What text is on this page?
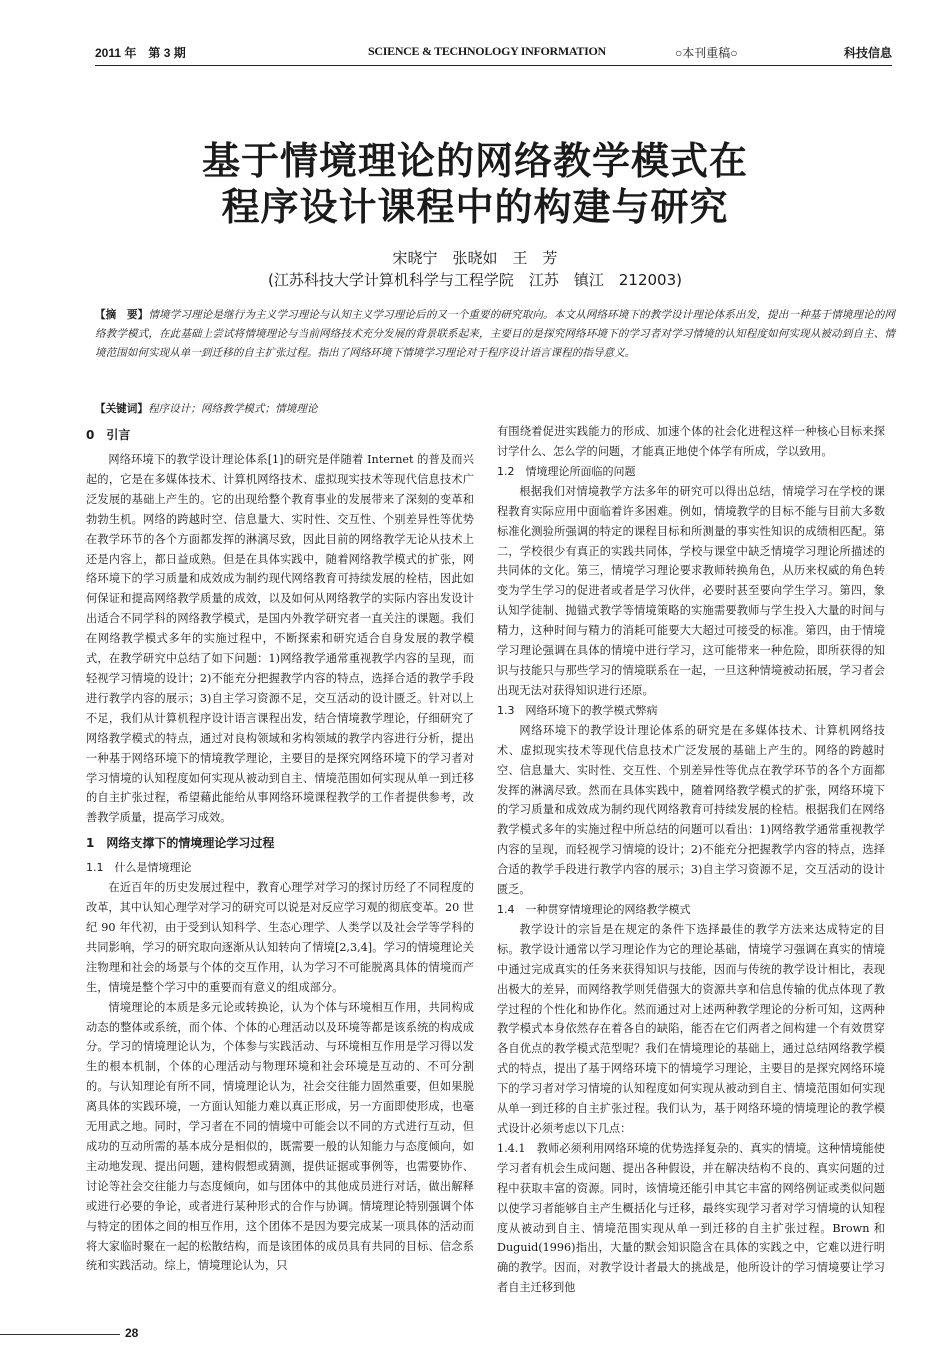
2011 年　第 3 期	SCIENCE & TECHNOLOGY INFORMATION	○本刊重稿○	科技信息
基于情境理论的网络教学模式在
程序设计课程中的构建与研究
宋晓宁　张晓如　王　芳
(江苏科技大学计算机科学与工程学院　江苏　镇江　212003)
【摘　要】情境学习理论是继行为主义学习理论与认知主义学习理论后的又一个重要的研究取向。本文从网络环境下的教学设计理论体系出发，提出一种基于情境理论的网络教学模式，在此基础上尝试将情境理论与当前网络技术充分发展的背景联系起来，主要目的是探究网络环境下的学习者对学习情境的认知程度如何实现从被动到自主、情境范围如何实现从单一到迁移的自主扩张过程。指出了网络环境下情境学习理论对于程序设计语言课程的指导意义。
【关键词】程序设计；网络教学模式；情境理论
0　引言

网络环境下的教学设计理论体系[1]的研究是伴随着 Internet 的普及而兴起的，它是在多媒体技术、计算机网络技术、虚拟现实技术等现代信息技术广泛发展的基础上产生的。它的出现给整个教育事业的发展带来了深刻的变革和勃勃生机。网络的跨越时空、信息量大、实时性、交互性、个别差异性等优势在教学环节的各个方面都发挥的淋漓尽致，因此目前的网络教学无论从技术上还是内容上，都日益成熟。但是在具体实践中，随着网络教学模式的扩张，网络环境下的学习质量和成效成为制约现代网络教育可持续发展的栓桔，因此如何保证和提高网络教学质量的成效，以及如何从网络教学的实际内容出发设计出适合不同学科的网络教学模式，是国内外教学研究者一直关注的课题。我们在网络教学模式多年的实施过程中，不断探索和研究适合自身发展的教学模式，在教学研究中总结了如下问题：1)网络教学通常重视教学内容的呈现，而轻视学习情境的设计；2)不能充分把握教学内容的特点，选择合适的教学手段进行教学内容的展示；3)自主学习资源不足，交互活动的设计匮乏。针对以上不足，我们从计算机程序设计语言课程出发，结合情境教学理论，仔细研究了网络教学模式的特点，通过对良构领域和劣构领域的教学内容进行分析，提出一种基于网络环境下的情境教学理论，主要目的是探究网络环境下的学习者对学习情境的认知程度如何实现从被动到自主、情境范围如何实现从单一到迁移的自主扩张过程，希望藉此能给从事网络环境课程教学的工作者提供参考，改善教学质量，提高学习成效。

1　网络支撑下的情境理论学习过程
1.1　什么是情境理论

在近百年的历史发展过程中，教育心理学对学习的探讨历经了不同程度的改革，其中认知心理学对学习的研究可以说是对反应学习观的彻底变革。20 世纪 90 年代初，由于受到认知科学、生态心理学、人类学以及社会学等学科的共同影响，学习的研究取向逐渐从认知转向了情境[2,3,4]。学习的情境理论关注物理和社会的场景与个体的交互作用，认为学习不可能脱离具体的情境而产生，情境是整个学习中的重要而有意义的组成部分。

情境理论的本质是多元论或转换论，认为个体与环境相互作用，共同构成动态的整体或系统，而个体、个体的心理活动以及环境等都是该系统的构成成分。学习的情境理论认为，个体参与实践活动、与环境相互作用是学习得以发生的根本机制，个体的心理活动与物理环境和社会环境是互动的、不可分割的。与认知理论有所不同，情境理论认为，社会交往能力固然重要，但如果脱离具体的实践环境，一方面认知能力难以真正形成，另一方面即使形成，也毫无用武之地。同时，学习者在不同的情境中可能会以不同的方式进行互动，但成功的互动所需的基本成分是相似的，既需要一般的认知能力与态度倾向，如主动地发现、提出问题，建构假想或猜测，提供证据或事例等，也需要协作、讨论等社会交往能力与态度倾向，如与团体中的其他成员进行对话，做出解释或进行必要的争论，或者进行某种形式的合作与协调。情境理论特别强调个体与特定的团体之间的相互作用，这个团体不是因为要完成某一项具体的活动而将大家临时聚在一起的松散结构，而是该团体的成员具有共同的目标、信念系统和实践活动。综上，情境理论认为，只

有围绕着促进实践能力的形成、加速个体的社会化进程这样一种核心目标来探讨学什么、怎么学的问题，才能真正地使个体学有所成，学以致用。

1.2　情境理论所面临的问题

根据我们对情境教学方法多年的研究可以得出总结，情境学习在学校的课程教育实际应用中面临着许多困难。例如，情境教学的目标不能与目前大多数标准化测验所强调的特定的课程目标和所测量的事实性知识的成绩相匹配。第二，学校很少有真正的实践共同体，学校与课堂中缺乏情境学习理论所描述的共同体的文化。第三，情境学习理论要求教师转换角色，从历来权威的角色转变为学生学习的促进者或者是学习伙伴，必要时甚至要向学生学习。第四，象认知学徒制、抛锚式教学等情境策略的实施需要教师与学生投入大量的时间与精力，这种时间与精力的消耗可能要大大超过可接受的标准。第四，由于情境学习理论强调在具体的情境中进行学习，这可能带来一种危险，即所获得的知识与技能只与那些学习的情境联系在一起，一旦这种情境被动拓展，学习者会出现无法对获得知识进行还原。

1.3　网络环境下的教学模式弊病

网络环境下的教学设计理论体系的研究是在多媒体技术、计算机网络技术、虚拟现实技术等现代信息技术广泛发展的基础上产生的。网络的跨越时空、信息量大、实时性、交互性、个别差异性等优点在教学环节的各个方面都发挥的淋漓尽致。然而在具体实践中，随着网络教学模式的扩张，网络环境下的学习质量和成效成为制约现代网络教育可持续发展的栓桔。根据我们在网络教学模式多年的实施过程中所总结的问题可以看出：1)网络教学通常重视教学内容的呈现，而轻视学习情境的设计；2)不能充分把握教学内容的特点，选择合适的教学手段进行教学内容的展示；3)自主学习资源不足，交互活动的设计匮乏。

1.4　一种贯穿情境理论的网络教学模式

教学设计的宗旨是在规定的条件下选择最佳的教学方法来达成特定的目标。教学设计通常以学习理论作为它的理论基础，情境学习强调在真实的情境中通过完成真实的任务来获得知识与技能，因而与传统的教学设计相比，表现出极大的差异，而网络教学则凭借强大的资源共享和信息传输的优点体现了教学过程的个性化和协作化。然而通过对上述两种教学理论的分析可知，这两种教学模式本身依然存在着各自的缺陷，能否在它们两者之间构建一个有效贯穿各自优点的教学模式范型呢？我们在情境理论的基础上，通过总结网络教学模式的特点，提出了基于网络环境下的情境学习理论，主要目的是探究网络环境下的学习者对学习情境的认知程度如何实现从被动到自主、情境范围如何实现从单一到迁移的自主扩张过程。我们认为，基于网络环境的情境理论的教学模式设计必须考虑以下几点：

1.4.1　教师必须利用网络环境的优势选择复杂的、真实的情境。这种情境能使学习者有机会生成问题、提出各种假设，并在解决结构不良的、真实问题的过程中获取丰富的资源。同时，该情境还能引申其它丰富的网络例证或类似问题以使学习者能够自主产生概括化与迁移，最终实现学习者对学习情境的认知程度从被动到自主、情境范围实现从单一到迁移的自主扩张过程。Brown 和 Duguid(1996)指出，大量的默会知识隐含在具体的实践之中，它难以进行明确的教学。因而，对教学设计者最大的挑战是，他所设计的学习情境要让学习者自主迁移到他

28
